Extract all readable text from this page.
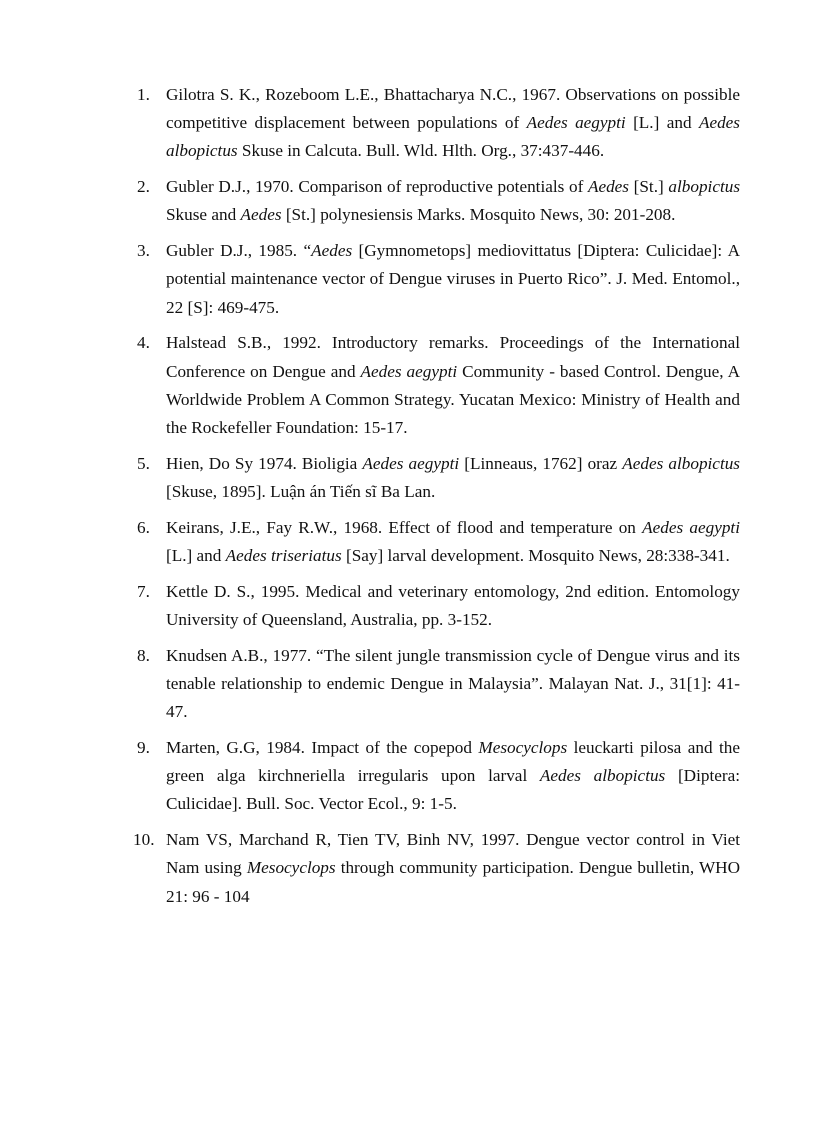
1. Gilotra S. K., Rozeboom L.E., Bhattacharya N.C., 1967. Observations on possible competitive displacement between populations of Aedes aegypti [L.] and Aedes albopictus Skuse in Calcuta. Bull. Wld. Hlth. Org., 37:437-446.
2. Gubler D.J., 1970. Comparison of reproductive potentials of Aedes [St.] albopictus Skuse and Aedes [St.] polynesiensis Marks. Mosquito News, 30: 201-208.
3. Gubler D.J., 1985. “Aedes [Gymnometops] mediovittatus [Diptera: Culicidae]: A potential maintenance vector of Dengue viruses in Puerto Rico”. J. Med. Entomol., 22 [S]: 469-475.
4. Halstead S.B., 1992. Introductory remarks. Proceedings of the International Conference on Dengue and Aedes aegypti Community - based Control. Dengue, A Worldwide Problem A Common Strategy. Yucatan Mexico: Ministry of Health and the Rockefeller Foundation: 15-17.
5. Hien, Do Sy 1974. Bioligia Aedes aegypti [Linneaus, 1762] oraz Aedes albopictus [Skuse, 1895]. Luận án Tiến sĩ Ba Lan.
6. Keirans, J.E., Fay R.W., 1968. Effect of flood and temperature on Aedes aegypti [L.] and Aedes triseriatus [Say] larval development. Mosquito News, 28:338-341.
7. Kettle D. S., 1995. Medical and veterinary entomology, 2nd edition. Entomology University of Queensland, Australia, pp. 3-152.
8. Knudsen A.B., 1977. “The silent jungle transmission cycle of Dengue virus and its tenable relationship to endemic Dengue in Malaysia”. Malayan Nat. J., 31[1]: 41-47.
9. Marten, G.G, 1984. Impact of the copepod Mesocyclops leuckarti pilosa and the green alga kirchneriella irregularis upon larval Aedes albopictus [Diptera: Culicidae]. Bull. Soc. Vector Ecol., 9: 1-5.
10. Nam VS, Marchand R, Tien TV, Binh NV, 1997. Dengue vector control in Viet Nam using Mesocyclops through community participation. Dengue bulletin, WHO 21: 96 - 104
